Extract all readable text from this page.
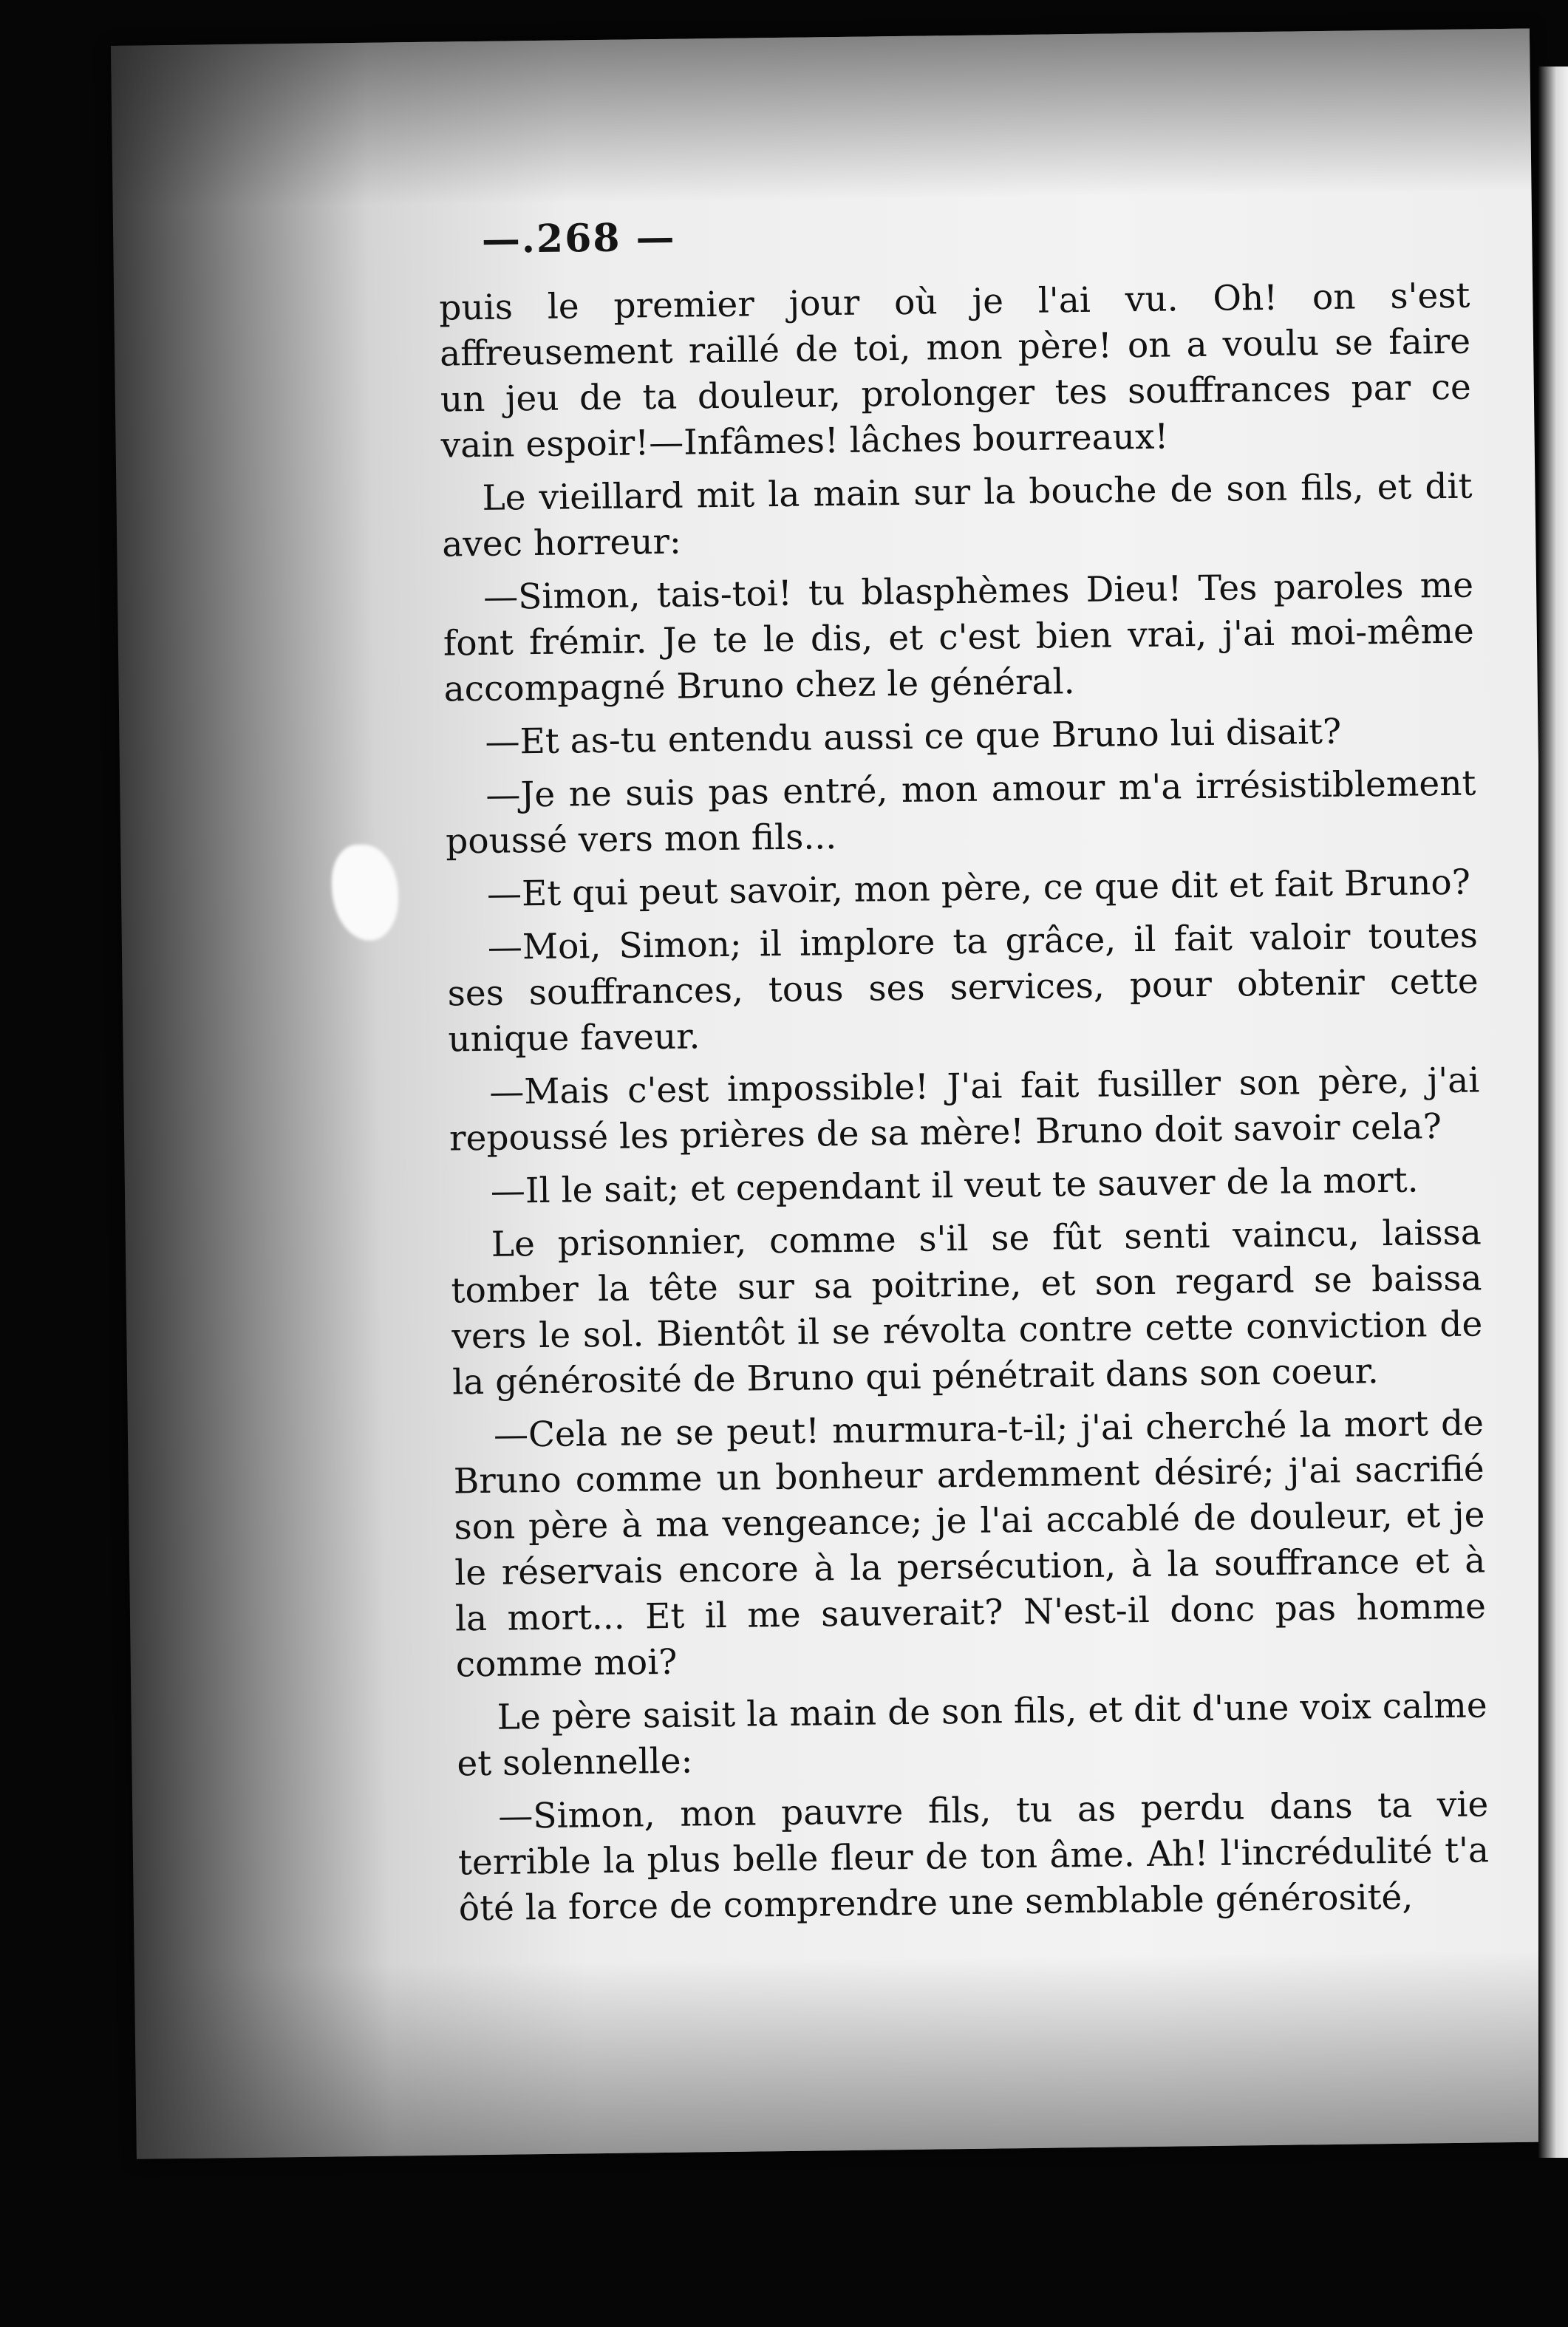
—.268 —

puis le premier jour où je l'ai vu. Oh! on s'est affreusement raillé de toi, mon père! on a voulu se faire un jeu de ta douleur, prolonger tes souffrances par ce vain espoir!—Infâmes! lâches bourreaux!

Le vieillard mit la main sur la bouche de son fils, et dit avec horreur:

—Simon, tais-toi! tu blasphèmes Dieu! Tes paroles me font frémir. Je te le dis, et c'est bien vrai, j'ai moi-même accompagné Bruno chez le général.

—Et as-tu entendu aussi ce que Bruno lui disait?

—Je ne suis pas entré, mon amour m'a irrésistiblement poussé vers mon fils...

—Et qui peut savoir, mon père, ce que dit et fait Bruno?

—Moi, Simon; il implore ta grâce, il fait valoir toutes ses souffrances, tous ses services, pour obtenir cette unique faveur.

—Mais c'est impossible! J'ai fait fusiller son père, j'ai repoussé les prières de sa mère! Bruno doit savoir cela?

—Il le sait; et cependant il veut te sauver de la mort.

Le prisonnier, comme s'il se fût senti vaincu, laissa tomber la tête sur sa poitrine, et son regard se baissa vers le sol. Bientôt il se révolta contre cette conviction de la générosité de Bruno qui pénétrait dans son coeur.

—Cela ne se peut! murmura-t-il; j'ai cherché la mort de Bruno comme un bonheur ardemment désiré; j'ai sacrifié son père à ma vengeance; je l'ai accablé de douleur, et je le réservais encore à la persécution, à la souffrance et à la mort... Et il me sauverait? N'est-il donc pas homme comme moi?

Le père saisit la main de son fils, et dit d'une voix calme et solennelle:

—Simon, mon pauvre fils, tu as perdu dans ta vie terrible la plus belle fleur de ton âme. Ah! l'incrédulité t'a ôté la force de comprendre une semblable générosité,
